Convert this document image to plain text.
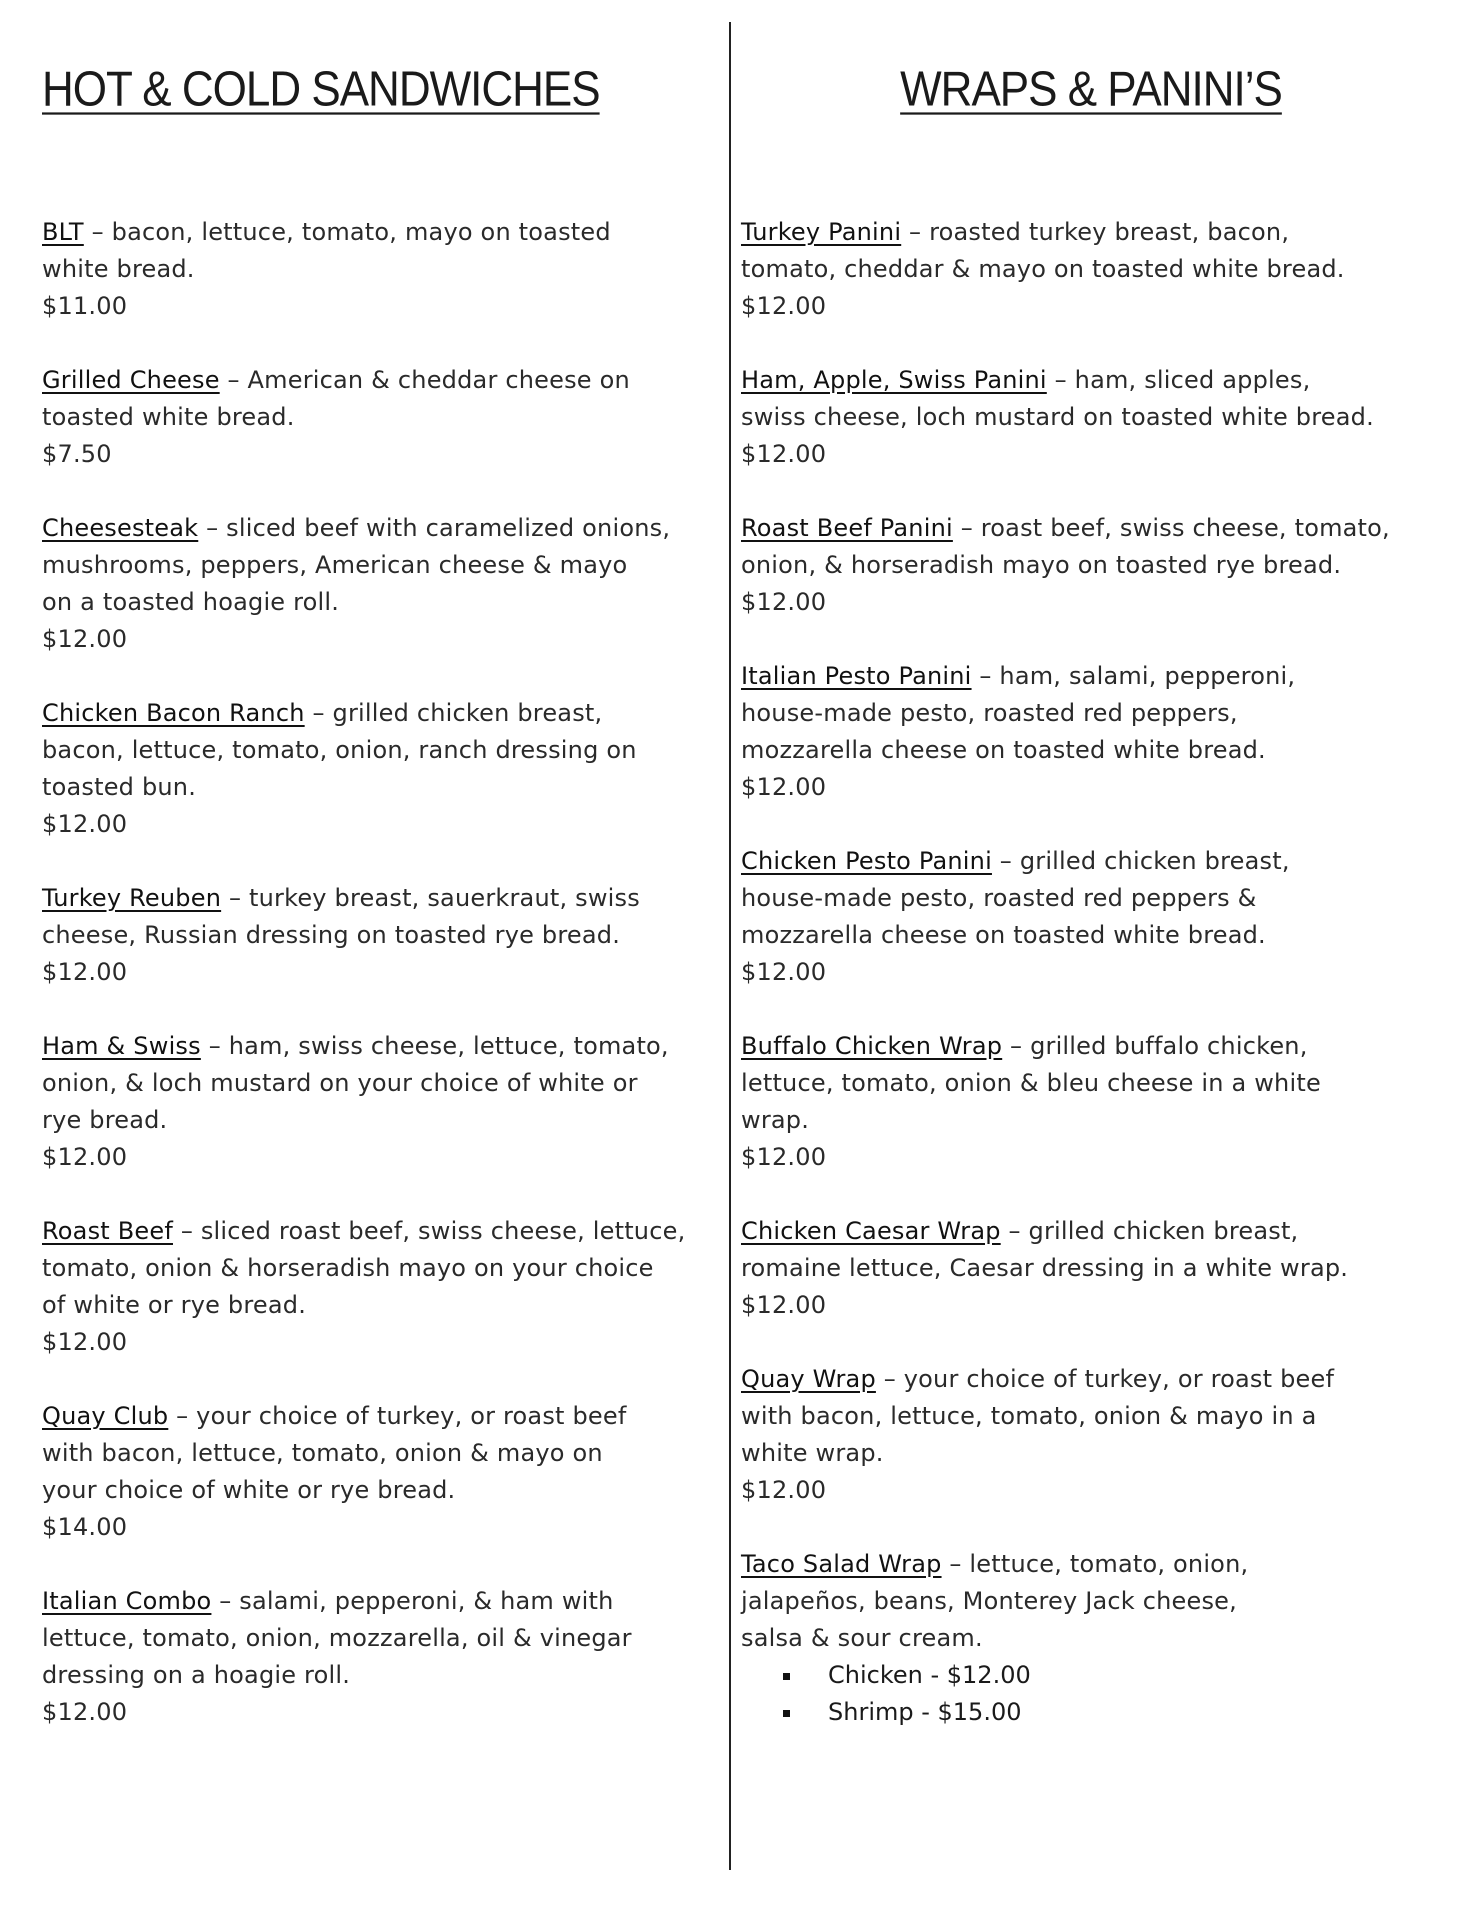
HOT & COLD SANDWICHES
BLT – bacon, lettuce, tomato, mayo on toasted
white bread.
$11.00
Grilled Cheese – American & cheddar cheese on
toasted white bread.
$7.50
Cheesesteak – sliced beef with caramelized onions,
mushrooms, peppers, American cheese & mayo
on a toasted hoagie roll.
$12.00
Chicken Bacon Ranch – grilled chicken breast,
bacon, lettuce, tomato, onion, ranch dressing on
toasted bun.
$12.00
Turkey Reuben – turkey breast, sauerkraut, swiss
cheese, Russian dressing on toasted rye bread.
$12.00
Ham & Swiss – ham, swiss cheese, lettuce, tomato,
onion, & loch mustard on your choice of white or
rye bread.
$12.00
Roast Beef – sliced roast beef, swiss cheese, lettuce,
tomato, onion & horseradish mayo on your choice
of white or rye bread.
$12.00
Quay Club – your choice of turkey, or roast beef
with bacon, lettuce, tomato, onion & mayo on
your choice of white or rye bread.
$14.00
Italian Combo – salami, pepperoni, & ham with
lettuce, tomato, onion, mozzarella, oil & vinegar
dressing on a hoagie roll.
$12.00
WRAPS & PANINI’S
Turkey Panini – roasted turkey breast, bacon,
tomato, cheddar & mayo on toasted white bread.
$12.00
Ham, Apple, Swiss Panini – ham, sliced apples,
swiss cheese, loch mustard on toasted white bread.
$12.00
Roast Beef Panini – roast beef, swiss cheese, tomato,
onion, & horseradish mayo on toasted rye bread.
$12.00
Italian Pesto Panini – ham, salami, pepperoni,
house-made pesto, roasted red peppers,
mozzarella cheese on toasted white bread.
$12.00
Chicken Pesto Panini – grilled chicken breast,
house-made pesto, roasted red peppers &
mozzarella cheese on toasted white bread.
$12.00
Buffalo Chicken Wrap – grilled buffalo chicken,
lettuce, tomato, onion & bleu cheese in a white
wrap.
$12.00
Chicken Caesar Wrap – grilled chicken breast,
romaine lettuce, Caesar dressing in a white wrap.
$12.00
Quay Wrap – your choice of turkey, or roast beef
with bacon, lettuce, tomato, onion & mayo in a
white wrap.
$12.00
Taco Salad Wrap – lettuce, tomato, onion,
jalapeños, beans, Monterey Jack cheese,
salsa & sour cream.
Chicken - $12.00
Shrimp - $15.00
